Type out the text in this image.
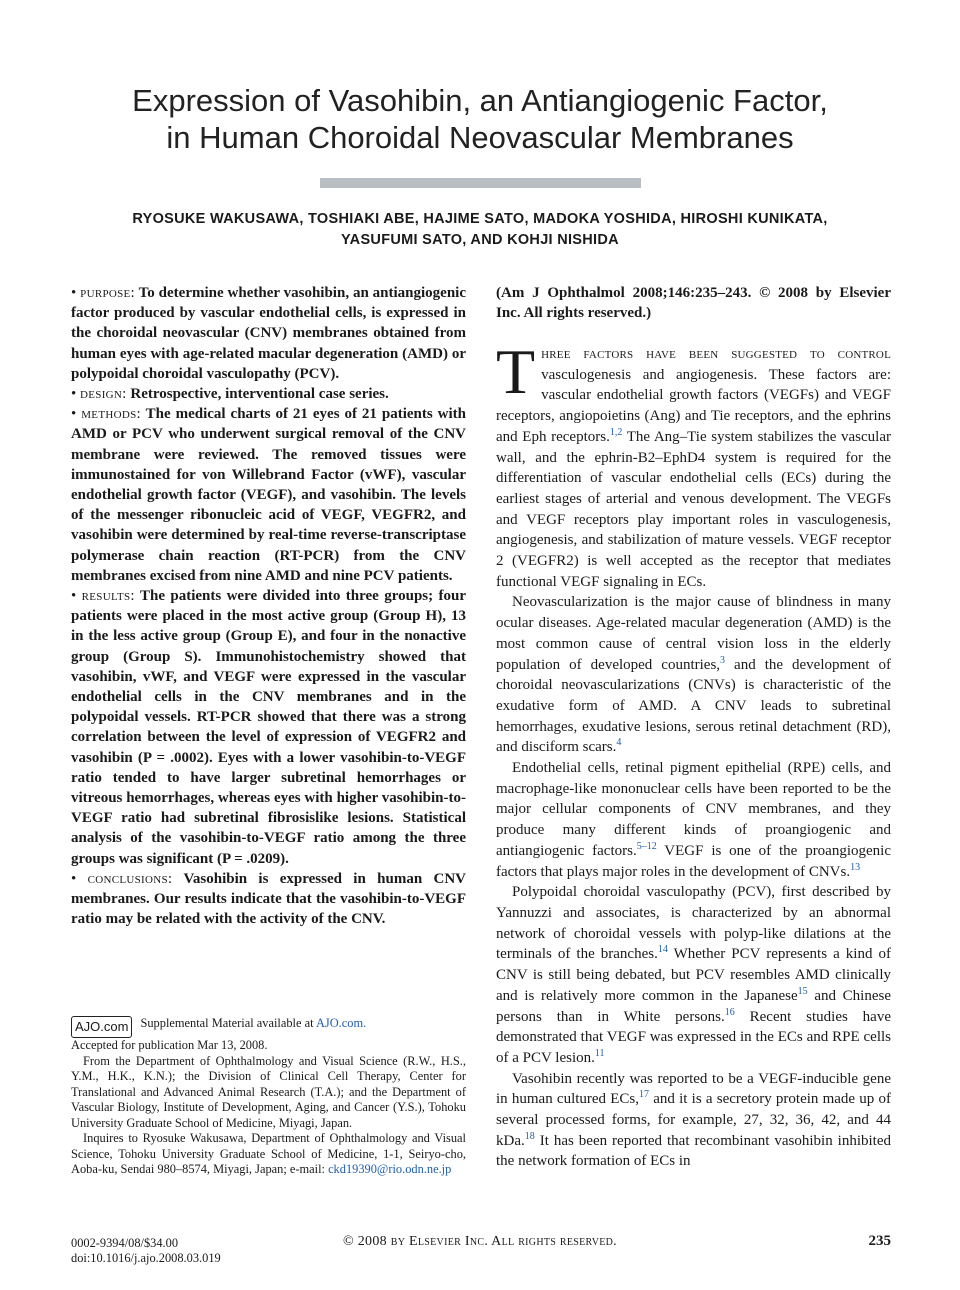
Expression of Vasohibin, an Antiangiogenic Factor,
in Human Choroidal Neovascular Membranes
RYOSUKE WAKUSAWA, TOSHIAKI ABE, HAJIME SATO, MADOKA YOSHIDA, HIROSHI KUNIKATA,
YASUFUMI SATO, AND KOHJI NISHIDA

• purpose: To determine whether vasohibin, an antiangiogenic factor produced by vascular endothelial cells, is expressed in the choroidal neovascular (CNV) membranes obtained from human eyes with age-related macular degeneration (AMD) or polypoidal choroidal vasculopathy (PCV).

• design: Retrospective, interventional case series.

• methods: The medical charts of 21 eyes of 21 patients with AMD or PCV who underwent surgical removal of the CNV membrane were reviewed. The removed tissues were immunostained for von Willebrand Factor (vWF), vascular endothelial growth factor (VEGF), and vasohibin. The levels of the messenger ribonucleic acid of VEGF, VEGFR2, and vasohibin were determined by real-time reverse-transcriptase polymerase chain reaction (RT-PCR) from the CNV membranes excised from nine AMD and nine PCV patients.

• results: The patients were divided into three groups; four patients were placed in the most active group (Group H), 13 in the less active group (Group E), and four in the nonactive group (Group S). Immunohistochemistry showed that vasohibin, vWF, and VEGF were expressed in the vascular endothelial cells in the CNV membranes and in the polypoidal vessels. RT-PCR showed that there was a strong correlation between the level of expression of VEGFR2 and vasohibin (P = .0002). Eyes with a lower vasohibin-to-VEGF ratio tended to have larger subretinal hemorrhages or vitreous hemorrhages, whereas eyes with higher vasohibin-to-VEGF ratio had subretinal fibrosislike lesions. Statistical analysis of the vasohibin-to-VEGF ratio among the three groups was significant (P = .0209).

• conclusions: Vasohibin is expressed in human CNV membranes. Our results indicate that the vasohibin-to-VEGF ratio may be related with the activity of the CNV.

(Am J Ophthalmol 2008;146:235–243. © 2008 by Elsevier Inc. All rights reserved.)

Three factors have been suggested to control vasculogenesis and angiogenesis. These factors are: vascular endothelial growth factors (VEGFs) and VEGF receptors, angiopoietins (Ang) and Tie receptors, and the ephrins and Eph receptors.$^{1,2}$ The Ang–Tie system stabilizes the vascular wall, and the ephrin-B2–EphD4 system is required for the differentiation of vascular endothelial cells (ECs) during the earliest stages of arterial and venous development. The VEGFs and VEGF receptors play important roles in vasculogenesis, angiogenesis, and stabilization of mature vessels. VEGF receptor 2 (VEGFR2) is well accepted as the receptor that mediates functional VEGF signaling in ECs.

Neovascularization is the major cause of blindness in many ocular diseases. Age-related macular degeneration (AMD) is the most common cause of central vision loss in the elderly population of developed countries,$^3$ and the development of choroidal neovascularizations (CNVs) is characteristic of the exudative form of AMD. A CNV leads to subretinal hemorrhages, exudative lesions, serous retinal detachment (RD), and disciform scars.$^4$

Endothelial cells, retinal pigment epithelial (RPE) cells, and macrophage-like mononuclear cells have been reported to be the major cellular components of CNV membranes, and they produce many different kinds of proangiogenic and antiangiogenic factors.$^{5-12}$ VEGF is one of the proangiogenic factors that plays major roles in the development of CNVs.$^{13}$

Polypoidal choroidal vasculopathy (PCV), first described by Yannuzzi and associates, is characterized by an abnormal network of choroidal vessels with polyp-like dilations at the terminals of the branches.$^{14}$ Whether PCV represents a kind of CNV is still being debated, but PCV resembles AMD clinically and is relatively more common in the Japanese$^{15}$ and Chinese persons than in White persons.$^{16}$ Recent studies have demonstrated that VEGF was expressed in the ECs and RPE cells of a PCV lesion.$^{11}$

Vasohibin recently was reported to be a VEGF-inducible gene in human cultured ECs,$^{17}$ and it is a secretory protein made up of several processed forms, for example, 27, 32, 36, 42, and 44 kDa.$^{18}$ It has been reported that recombinant vasohibin inhibited the network formation of ECs in

AJO.com Supplemental Material available at AJO.com.

Accepted for publication Mar 13, 2008.

From the Department of Ophthalmology and Visual Science (R.W., H.S., Y.M., H.K., K.N.); the Division of Clinical Cell Therapy, Center for Translational and Advanced Animal Research (T.A.); and the Department of Vascular Biology, Institute of Development, Aging, and Cancer (Y.S.), Tohoku University Graduate School of Medicine, Miyagi, Japan.

Inquires to Ryosuke Wakusawa, Department of Ophthalmology and Visual Science, Tohoku University Graduate School of Medicine, 1-1, Seiryo-cho, Aoba-ku, Sendai 980–8574, Miyagi, Japan; e-mail: ckd19390@rio.odn.ne.jp

0002-9394/08/$34.00
doi:10.1016/j.ajo.2008.03.019
© 2008 by Elsevier Inc. All rights reserved.	235
